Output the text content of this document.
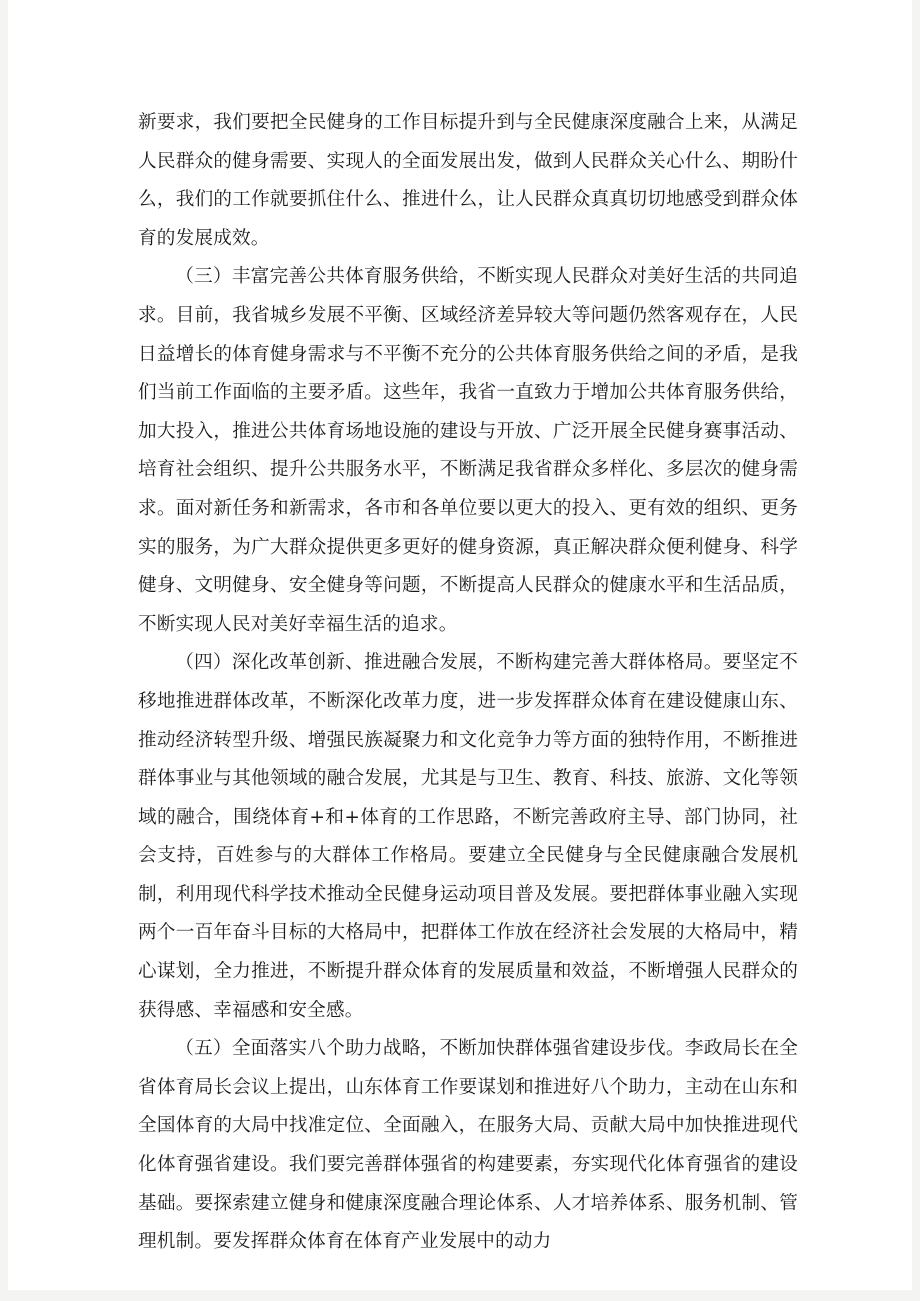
新要求，我们要把全民健身的工作目标提升到与全民健康深度融合上来，从满足人民群众的健身需要、实现人的全面发展出发，做到人民群众关心什么、期盼什么，我们的工作就要抓住什么、推进什么，让人民群众真真切切地感受到群众体育的发展成效。

（三）丰富完善公共体育服务供给，不断实现人民群众对美好生活的共同追求。目前，我省城乡发展不平衡、区域经济差异较大等问题仍然客观存在，人民日益增长的体育健身需求与不平衡不充分的公共体育服务供给之间的矛盾，是我们当前工作面临的主要矛盾。这些年，我省一直致力于增加公共体育服务供给，加大投入，推进公共体育场地设施的建设与开放、广泛开展全民健身赛事活动、培育社会组织、提升公共服务水平，不断满足我省群众多样化、多层次的健身需求。面对新任务和新需求，各市和各单位要以更大的投入、更有效的组织、更务实的服务，为广大群众提供更多更好的健身资源，真正解决群众便利健身、科学健身、文明健身、安全健身等问题，不断提高人民群众的健康水平和生活品质，不断实现人民对美好幸福生活的追求。

（四）深化改革创新、推进融合发展，不断构建完善大群体格局。要坚定不移地推进群体改革，不断深化改革力度，进一步发挥群众体育在建设健康山东、推动经济转型升级、增强民族凝聚力和文化竞争力等方面的独特作用，不断推进群体事业与其他领域的融合发展，尤其是与卫生、教育、科技、旅游、文化等领域的融合，围绕体育+和+体育的工作思路，不断完善政府主导、部门协同，社会支持，百姓参与的大群体工作格局。要建立全民健身与全民健康融合发展机制，利用现代科学技术推动全民健身运动项目普及发展。要把群体事业融入实现两个一百年奋斗目标的大格局中，把群体工作放在经济社会发展的大格局中，精心谋划，全力推进，不断提升群众体育的发展质量和效益，不断增强人民群众的获得感、幸福感和安全感。

（五）全面落实八个助力战略，不断加快群体强省建设步伐。李政局长在全省体育局长会议上提出，山东体育工作要谋划和推进好八个助力，主动在山东和全国体育的大局中找准定位、全面融入，在服务大局、贡献大局中加快推进现代化体育强省建设。我们要完善群体强省的构建要素，夯实现代化体育强省的建设基础。要探索建立健身和健康深度融合理论体系、人才培养体系、服务机制、管理机制。要发挥群众体育在体育产业发展中的动力
